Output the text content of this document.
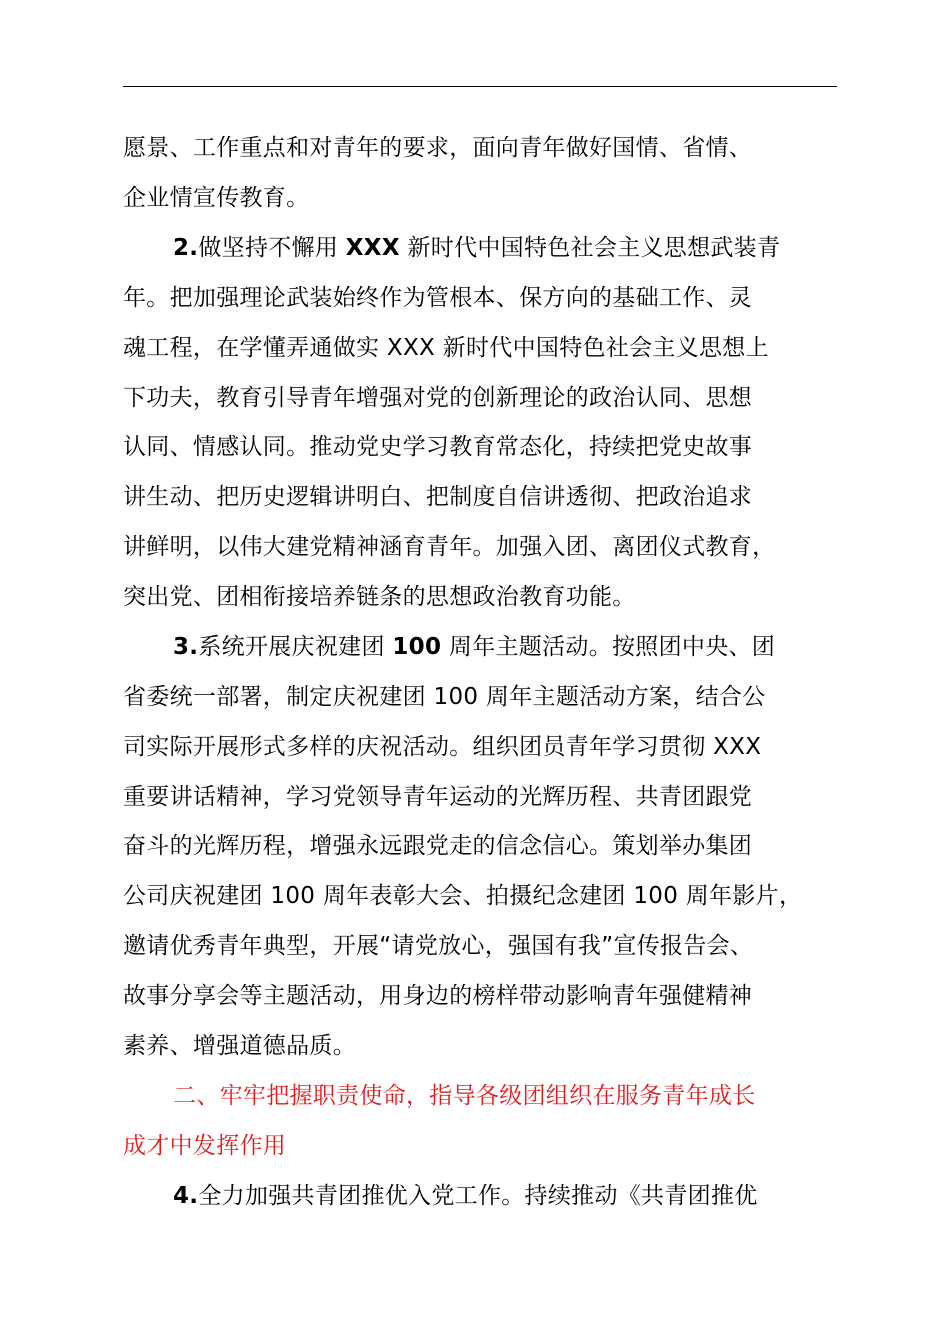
愿景、工作重点和对青年的要求，面向青年做好国情、省情、
企业情宣传教育。
2.做坚持不懈用 XXX 新时代中国特色社会主义思想武装青
年。把加强理论武装始终作为管根本、保方向的基础工作、灵
魂工程，在学懂弄通做实 XXX 新时代中国特色社会主义思想上
下功夫，教育引导青年增强对党的创新理论的政治认同、思想
认同、情感认同。推动党史学习教育常态化，持续把党史故事
讲生动、把历史逻辑讲明白、把制度自信讲透彻、把政治追求
讲鲜明，以伟大建党精神涵育青年。加强入团、离团仪式教育，
突出党、团相衔接培养链条的思想政治教育功能。
3.系统开展庆祝建团 100 周年主题活动。按照团中央、团
省委统一部署，制定庆祝建团 100 周年主题活动方案，结合公
司实际开展形式多样的庆祝活动。组织团员青年学习贯彻 XXX
重要讲话精神，学习党领导青年运动的光辉历程、共青团跟党
奋斗的光辉历程，增强永远跟党走的信念信心。策划举办集团
公司庆祝建团 100 周年表彰大会、拍摄纪念建团 100 周年影片，
邀请优秀青年典型，开展“请党放心，强国有我”宣传报告会、
故事分享会等主题活动，用身边的榜样带动影响青年强健精神
素养、增强道德品质。
二、牢牢把握职责使命，指导各级团组织在服务青年成长
成才中发挥作用
4.全力加强共青团推优入党工作。持续推动《共青团推优
